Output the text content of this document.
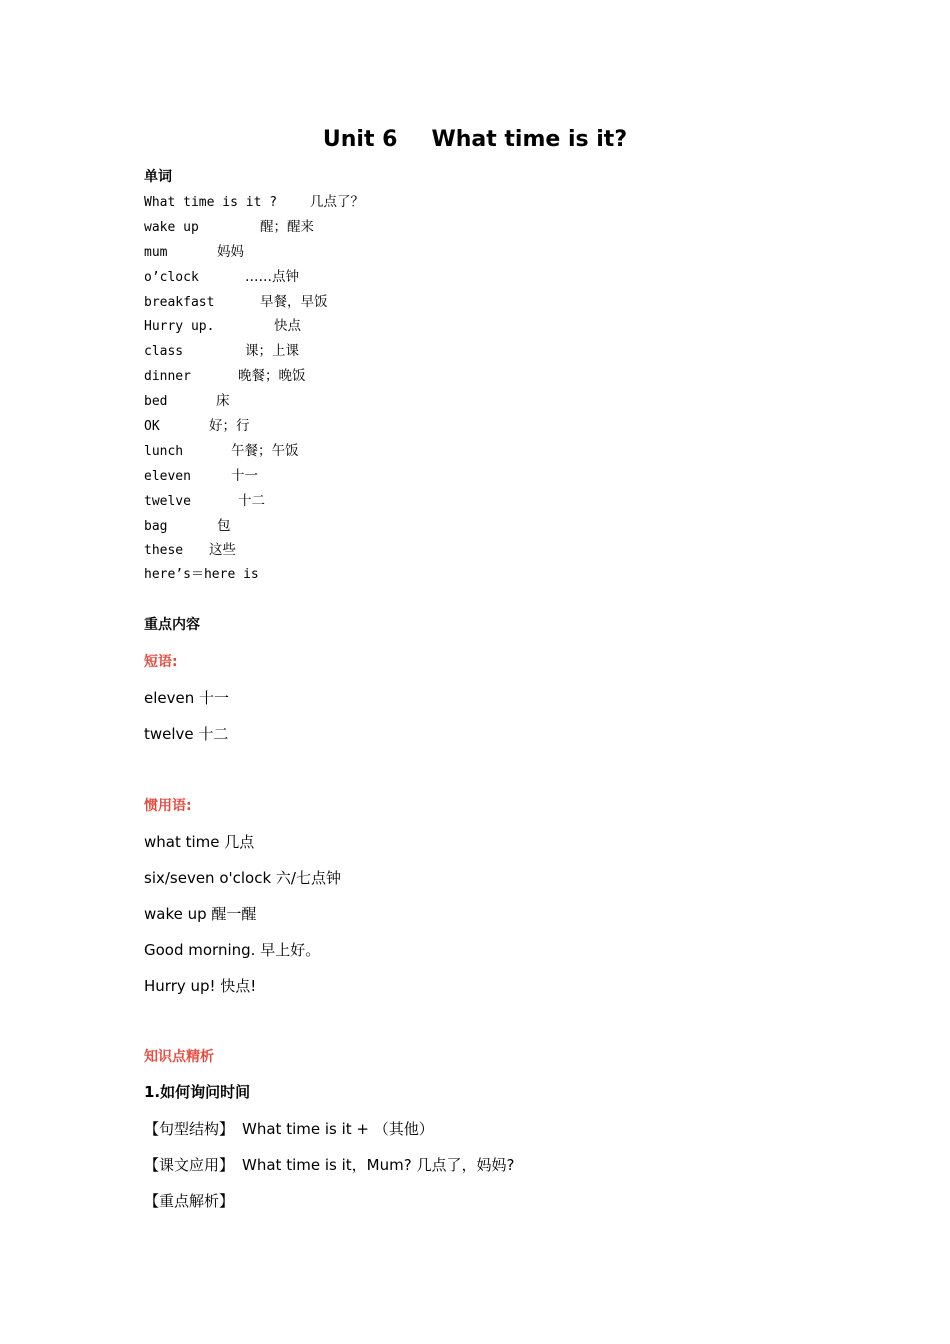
Unit 6 What time is it?
单词
What time is it ? 几点了？
wake up	醒；醒来
mum	妈妈
o’clock	……点钟
breakfast	早餐，早饭
Hurry up.	快点
class	课；上课
dinner	晚餐；晚饭
bed	床
OK	好；行
lunch	午餐；午饭
eleven	十一
twelve	十二
bag	包
these 这些
here’s＝here is
重点内容
短语:
eleven 十一
twelve 十二
惯用语:
what time 几点
six/seven o'clock 六/七点钟
wake up 醒一醒
Good morning. 早上好。
Hurry up! 快点!
知识点精析
1.如何询问时间
【句型结构】 What time is it + （其他）
【课文应用】 What time is it，Mum? 几点了，妈妈?
【重点解析】
